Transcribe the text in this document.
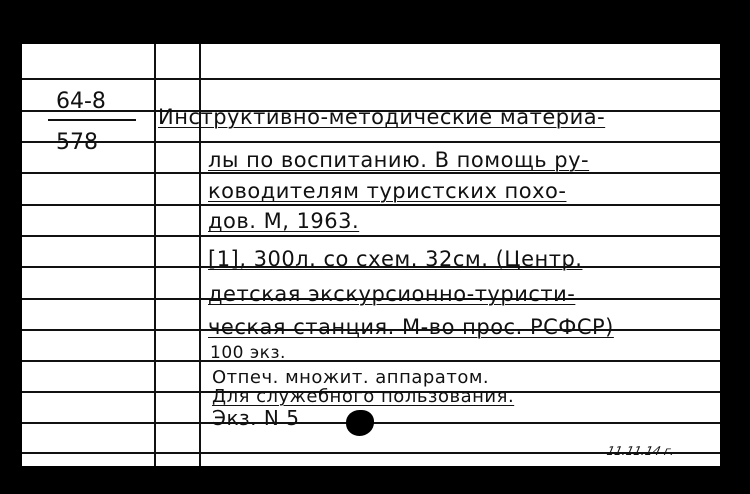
64-8
578
Инструктивно-методические материа-
лы по воспитанию. В помощь ру-
ководителям туристских похо-
дов. М, 1963.
[1], 300л. со схем. 32см. (Центр.
детская экскурсионно-туристи-
ческая станция. М-во прос. РСФСР)
100 экз.
Отпеч. множит. аппаратом.
Для служебного пользования.
Экз. N 5
11.11.14 г.
